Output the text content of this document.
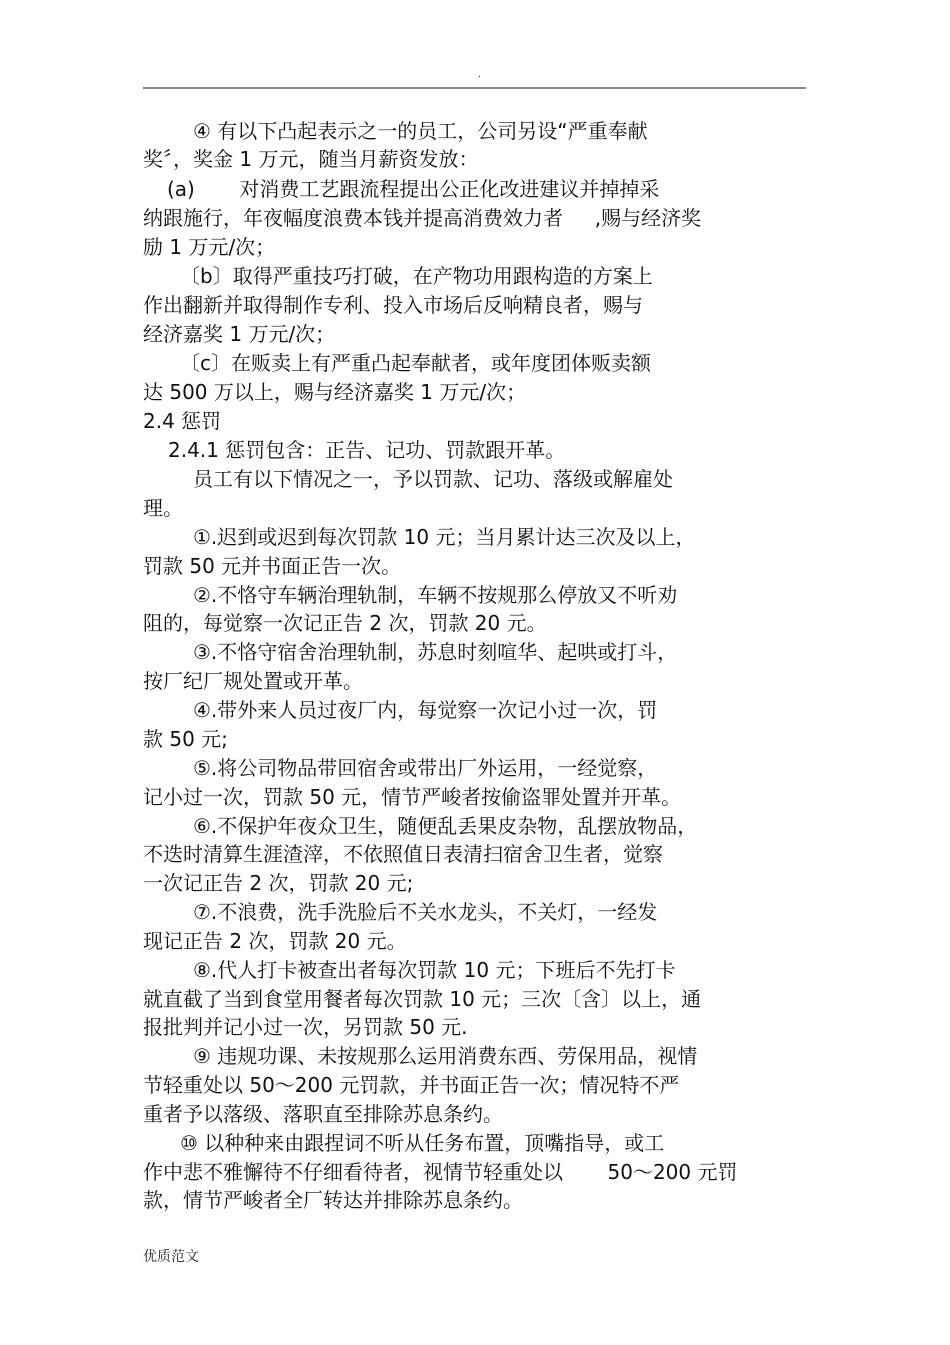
.
④ 有以下凸起表示之一的员工，公司另设“严重奉献
奖〞，奖金 1 万元，随当月薪资发放：
(a)       对消费工艺跟流程提出公正化改进建议并掉掉采
纳跟施行，年夜幅度浪费本钱并提高消费效力者     ,赐与经济奖
励 1 万元/次；
〔b〕取得严重技巧打破，在产物功用跟构造的方案上
作出翻新并取得制作专利、投入市场后反响精良者，赐与
经济嘉奖 1 万元/次；
〔c〕在贩卖上有严重凸起奉献者，或年度团体贩卖额
达 500 万以上，赐与经济嘉奖 1 万元/次；
2.4 惩罚
2.4.1 惩罚包含：正告、记功、罚款跟开革。
员工有以下情况之一，予以罚款、记功、落级或解雇处
理。
①.迟到或迟到每次罚款 10 元；当月累计达三次及以上，
罚款 50 元并书面正告一次。
②.不恪守车辆治理轨制，车辆不按规那么停放又不听劝
阻的，每觉察一次记正告 2 次，罚款 20 元。
③.不恪守宿舍治理轨制，苏息时刻喧华、起哄或打斗，
按厂纪厂规处置或开革。
④.带外来人员过夜厂内，每觉察一次记小过一次，罚
款 50 元;
⑤.将公司物品带回宿舍或带出厂外运用，一经觉察，
记小过一次，罚款 50 元，情节严峻者按偷盗罪处置并开革。
⑥.不保护年夜众卫生，随便乱丢果皮杂物，乱摆放物品，
不迭时清算生涯渣滓，不依照值日表清扫宿舍卫生者，觉察
一次记正告 2 次，罚款 20 元;
⑦.不浪费，洗手洗脸后不关水龙头，不关灯，一经发
现记正告 2 次，罚款 20 元。
⑧.代人打卡被查出者每次罚款 10 元；下班后不先打卡
就直截了当到食堂用餐者每次罚款 10 元；三次〔含〕以上，通
报批判并记小过一次，另罚款 50 元.
⑨ 违规功课、未按规那么运用消费东西、劳保用品，视情
节轻重处以 50～200 元罚款，并书面正告一次；情况特不严
重者予以落级、落职直至排除苏息条约。
⑩ 以种种来由跟捏词不听从任务布置，顶嘴指导，或工
作中悲不雅懈待不仔细看待者，视情节轻重处以       50～200 元罚
款，情节严峻者全厂转达并排除苏息条约。
优质范文
